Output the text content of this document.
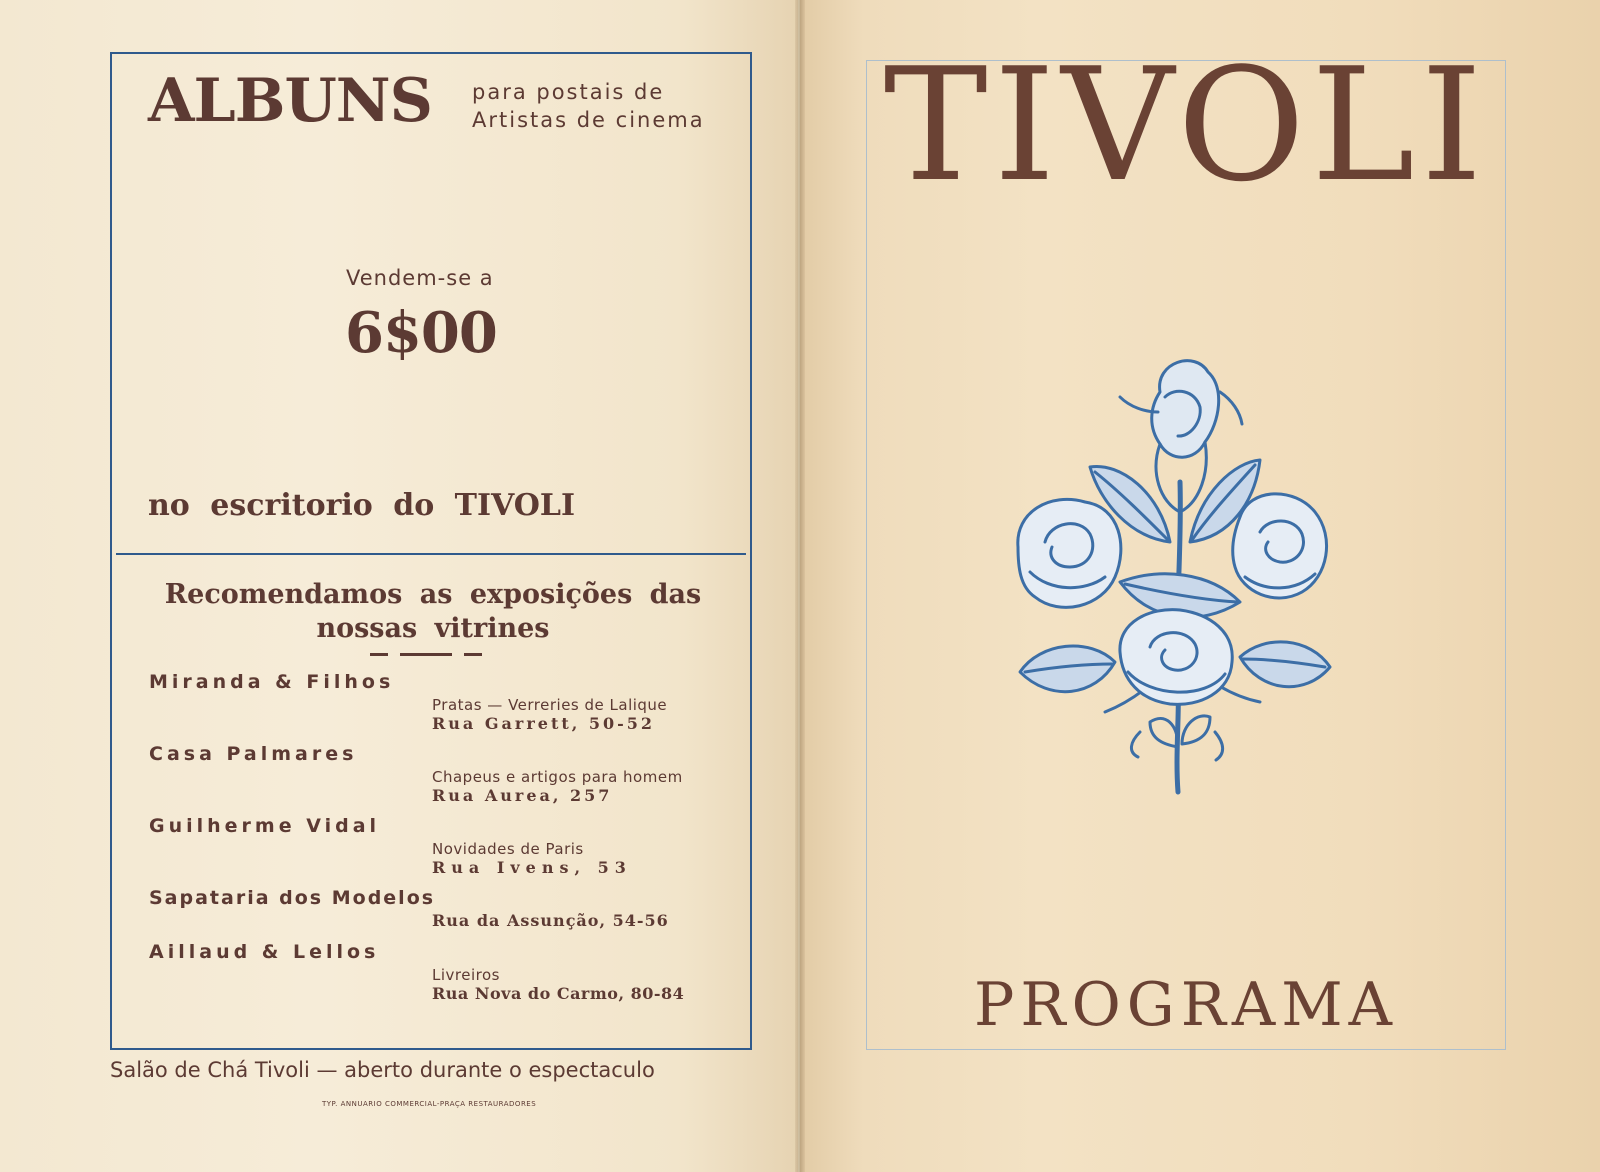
ALBUNS para postais de Artistas de cinema
Vendem-se a
6$00
no escritorio do TIVOLI
Recomendamos as exposições das nossas vitrines
Miranda & Filhos
Pratas — Verreries de Lalique
Rua Garrett, 50-52
Casa Palmares
Chapeus e artigos para homem
Rua Aurea, 257
Guilherme Vidal
Novidades de Paris
Rua Ivens, 53
Sapataria dos Modelos
Rua da Assunção, 54-56
Aillaud & Lellos
Livreiros
Rua Nova do Carmo, 80-84
Salão de Chá Tivoli — aberto durante o espectaculo
TYP. ANNUARIO COMMERCIAL-PRAÇA RESTAURADORES
TIVOLI
PROGRAMA
